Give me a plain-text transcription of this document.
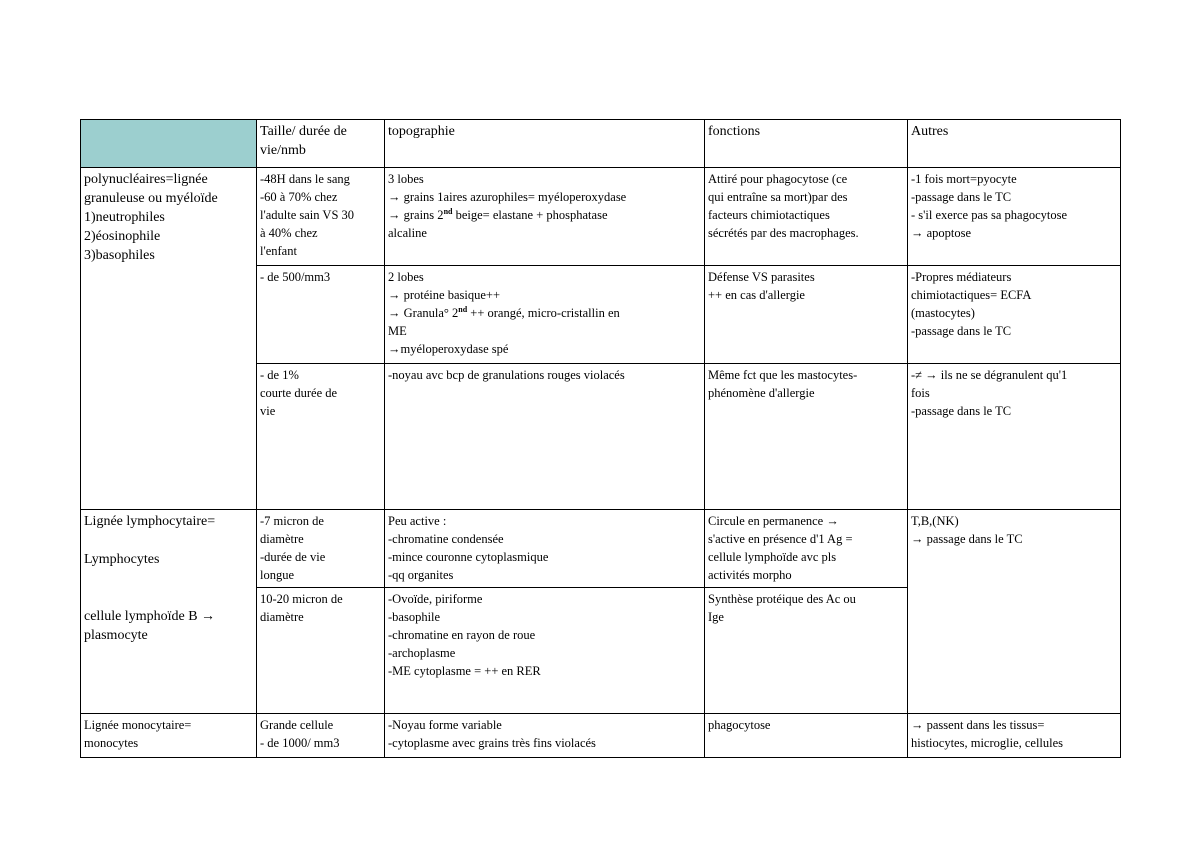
	Taille/ durée de
vie/nmb	topographie	fonctions	Autres

polynucléaires=lignée
granuleuse ou myéloïde
1)neutrophiles
2)éosinophile
3)basophiles	-48H dans le sang
-60 à 70% chez
l'adulte sain VS 30
à 40% chez
l'enfant	3 lobes
→ grains 1aires azurophiles= myéloperoxydase
→ grains 2nd beige= elastane + phosphatase
alcaline	Attiré pour phagocytose (ce
qui entraîne sa mort)par des
facteurs chimiotactiques
sécrétés par des macrophages.	-1 fois mort=pyocyte
-passage dans le TC
- s'il exerce pas sa phagocytose
→ apoptose

	- de 500/mm3	2 lobes
→ protéine basique++
→ Granula° 2nd ++ orangé, micro-cristallin en
ME
→myéloperoxydase spé	Défense VS parasites
++ en cas d'allergie	-Propres médiateurs
chimiotactiques= ECFA
(mastocytes)
-passage dans le TC

	- de 1%
courte durée de
vie	-noyau avc bcp de granulations rouges violacés	Même fct que les mastocytes-
phénomène d'allergie	-≠ → ils ne se dégranulent qu'1
fois
-passage dans le TC

Lignée lymphocytaire=
Lymphocytes
cellule lymphoïde B →
plasmocyte	-7 micron de
diamètre
-durée de vie
longue	Peu active :
-chromatine condensée
-mince couronne cytoplasmique
-qq organites	Circule en permanence →
s'active en présence d'1 Ag =
cellule lymphoïde avc pls
activités morpho	T,B,(NK)
→ passage dans le TC

	10-20 micron de
diamètre	-Ovoïde, piriforme
-basophile
-chromatine en rayon de roue
-archoplasme
-ME cytoplasme = ++ en RER	Synthèse protéique des Ac ou
Ige	

Lignée monocytaire=
monocytes	Grande cellule
- de 1000/ mm3	-Noyau forme variable
-cytoplasme avec grains très fins violacés	phagocytose	→ passent dans les tissus=
histiocytes, microglie, cellules
